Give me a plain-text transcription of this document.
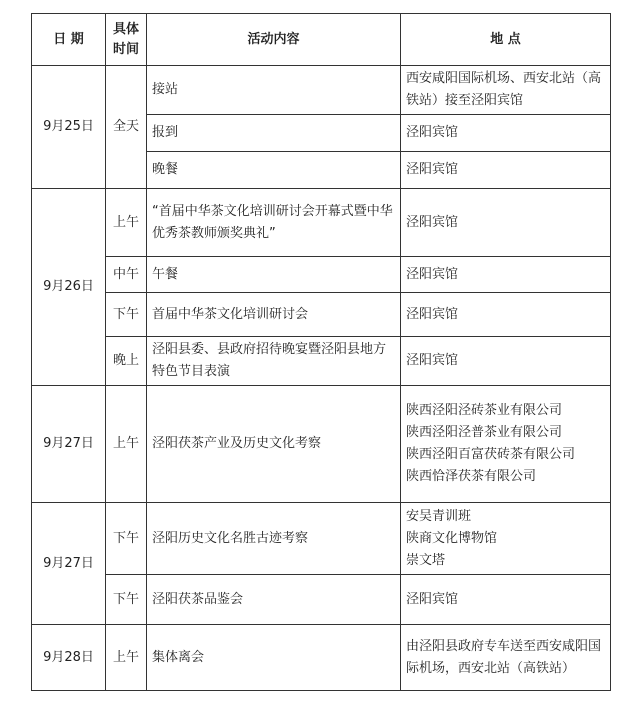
日 期	具体时间	活动内容	地 点
9月25日	全天	接站	西安咸阳国际机场、西安北站（高铁站）接至泾阳宾馆
		报到	泾阳宾馆
		晚餐	泾阳宾馆
9月26日	上午	“首届中华茶文化培训研讨会开幕式暨中华优秀茶教师颁奖典礼”	泾阳宾馆
	中午	午餐	泾阳宾馆
	下午	首届中华茶文化培训研讨会	泾阳宾馆
	晚上	泾阳县委、县政府招待晚宴暨泾阳县地方特色节目表演	泾阳宾馆
9月27日	上午	泾阳茯茶产业及历史文化考察	陕西泾阳泾砖茶业有限公司
陕西泾阳泾普茶业有限公司
陕西泾阳百富茯砖茶有限公司
陕西恰泽茯茶有限公司

9月27日	下午	泾阳历史文化名胜古迹考察	安吴青训班
陕商文化博物馆
崇文塔

	下午	泾阳茯茶品鉴会	泾阳宾馆
9月28日	上午	集体离会	由泾阳县政府专车送至西安咸阳国际机场，西安北站（高铁站）
